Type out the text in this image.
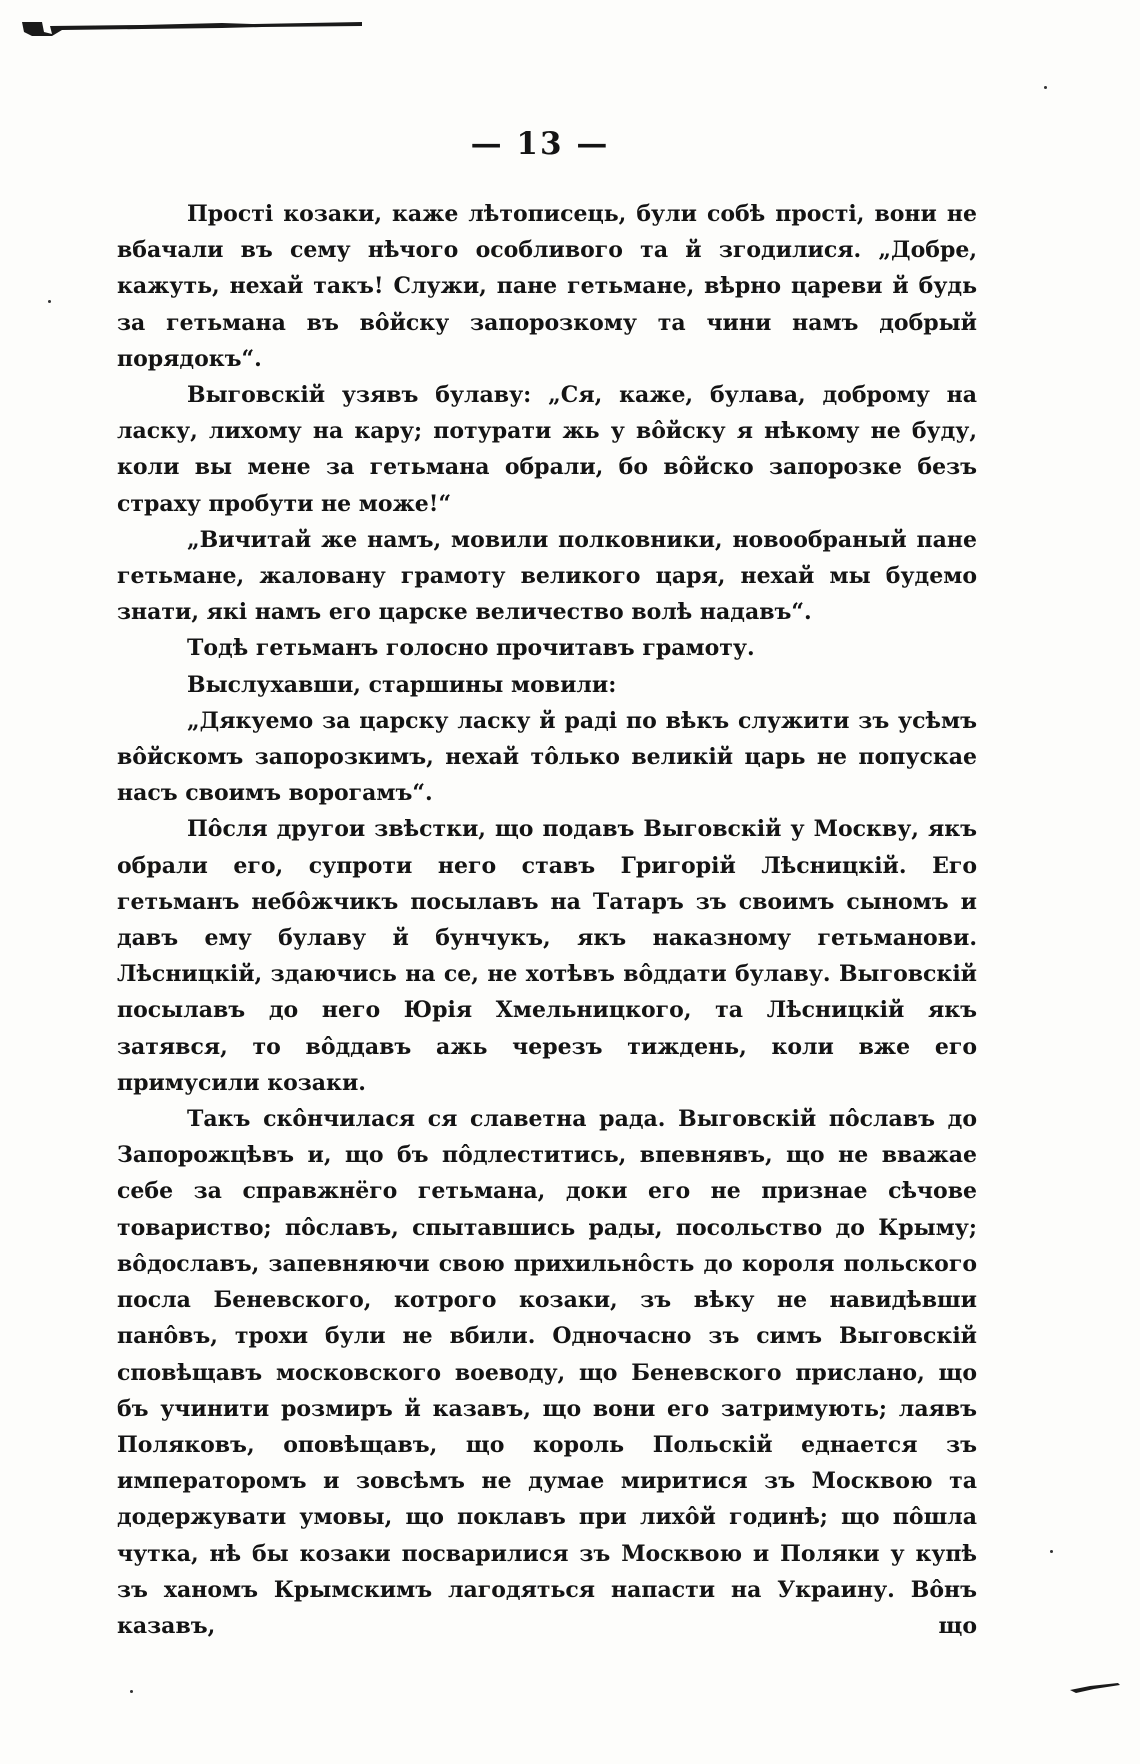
— 13 —

Прості козаки, каже лѣтописець, були собѣ прості, вони не вбачали въ сему нѣчого особливого та й згодилися. „Добре, кажуть, нехай такъ! Служи, пане гетьмане, вѣрно цареви й будь за гетьмана въ вôйску запорозкому та чини намъ добрый порядокъ“.

Выговскій узявъ булаву: „Ся, каже, булава, доброму на ласку, лихому на кару; потурати жь у вôйску я нѣкому не буду, коли вы мене за гетьмана обрали, бо вôйско запорозке безъ страху пробути не може!“

„Вичитай же намъ, мовили полковники, новообраный пане гетьмане, жаловану грамоту великого царя, нехай мы будемо знати, які намъ его царске величество волѣ надавъ“.

Тодѣ гетьманъ голосно прочитавъ грамоту.

Выслухавши, старшины мовили:

„Дякуемо за царску ласку й раді по вѣкъ служити зъ усѣмъ вôйскомъ запорозкимъ, нехай тôлько великій царь не попускае насъ своимъ ворогамъ“.

Пôсля другои звѣстки, що подавъ Выговскій у Москву, якъ обрали его, супроти него ставъ Григорій Лѣсницкій. Его гетьманъ небôжчикъ посылавъ на Татаръ зъ своимъ сыномъ и давъ ему булаву й бунчукъ, якъ наказному гетьманови. Лѣсницкій, здаючись на се, не хотѣвъ вôддати булаву. Выговскій посылавъ до него Юрія Хмельницкого, та Лѣсницкій якъ затявся, то вôддавъ ажь черезъ тиждень, коли вже его примусили козаки.

Такъ скôнчилася ся славетна рада. Выговскій пôславъ до Запорожцѣвъ и, що бъ пôдлеститись, впевнявъ, що не вважае себе за справжнёго гетьмана, доки его не признае сѣчове товариство; пôславъ, спытавшись рады, посольство до Крыму; вôдославъ, запевняючи свою прихильнôсть до короля польского посла Беневского, котрого козаки, зъ вѣку не навидѣвши панôвъ, трохи були не вбили. Одночасно зъ симъ Выговскій сповѣщавъ московского воеводу, що Беневского прислано, що бъ учинити розмиръ й казавъ, що вони его затримують; лаявъ Поляковъ, оповѣщавъ, що король Польскій еднается зъ императоромъ и зовсѣмъ не думае миритися зъ Москвою та додержувати умовы, що поклавъ при лихôй годинѣ; що пôшла чутка, нѣ бы козаки посварилися зъ Москвою и Поляки у купѣ зъ ханомъ Крымскимъ лагодяться напасти на Украину. Вôнъ казавъ, що
